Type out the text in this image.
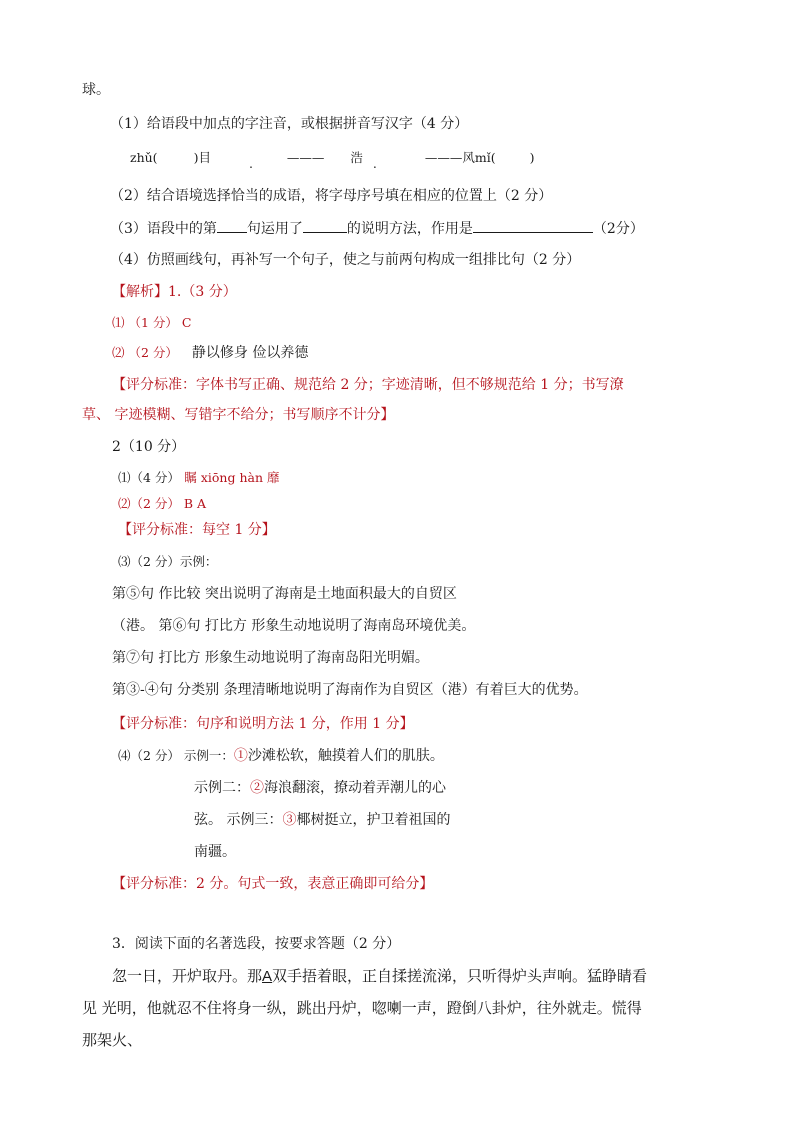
球。
（1）给语段中加点的字注音，或根据拼音写汉字（4 分）
zhǔ(	)目	.	——— 浩 .	———风mǐ(	)
（2）结合语境选择恰当的成语，将字母序号填在相应的位置上（2 分）
（3）语段中的第 句运用了	的说明方法，作用是	（2分）
（4）仿照画线句，再补写一个句子，使之与前两句构成一组排比句（2 分）
【解析】1.（3 分）
⑴ （1 分） C
⑵ （2 分） 静以修身 俭以养德
【评分标准：字体书写正确、规范给 2 分；字迹清晰，但不够规范给 1 分；书写潦
草、 字迹模糊、写错字不给分；书写顺序不计分】
2（10 分）
⑴（4 分） 瞩 xiōng hàn 靡
⑵（2 分） B A
【评分标准：每空 1 分】
⑶（2 分）示例：
第⑤句 作比较 突出说明了海南是土地面积最大的自贸区
（港。 第⑥句 打比方 形象生动地说明了海南岛环境优美。
第⑦句 打比方 形象生动地说明了海南岛阳光明媚。
第③-④句 分类别 条理清晰地说明了海南作为自贸区（港）有着巨大的优势。
【评分标准：句序和说明方法 1 分，作用 1 分】
⑷（2 分） 示例一：①沙滩松软，触摸着人们的肌肤。
示例二：②海浪翻滚，撩动着弄潮儿的心
弦。 示例三：③椰树挺立，护卫着祖国的
南疆。
【评分标准：2 分。句式一致，表意正确即可给分】
3．阅读下面的名著选段，按要求答题（2 分）
忽一日，开炉取丹。那A双手捂着眼，正自揉搓流涕，只听得炉头声响。猛睁睛看
见 光明，他就忍不住将身一纵，跳出丹炉，唿喇一声，蹬倒八卦炉，往外就走。慌得
那架火、
